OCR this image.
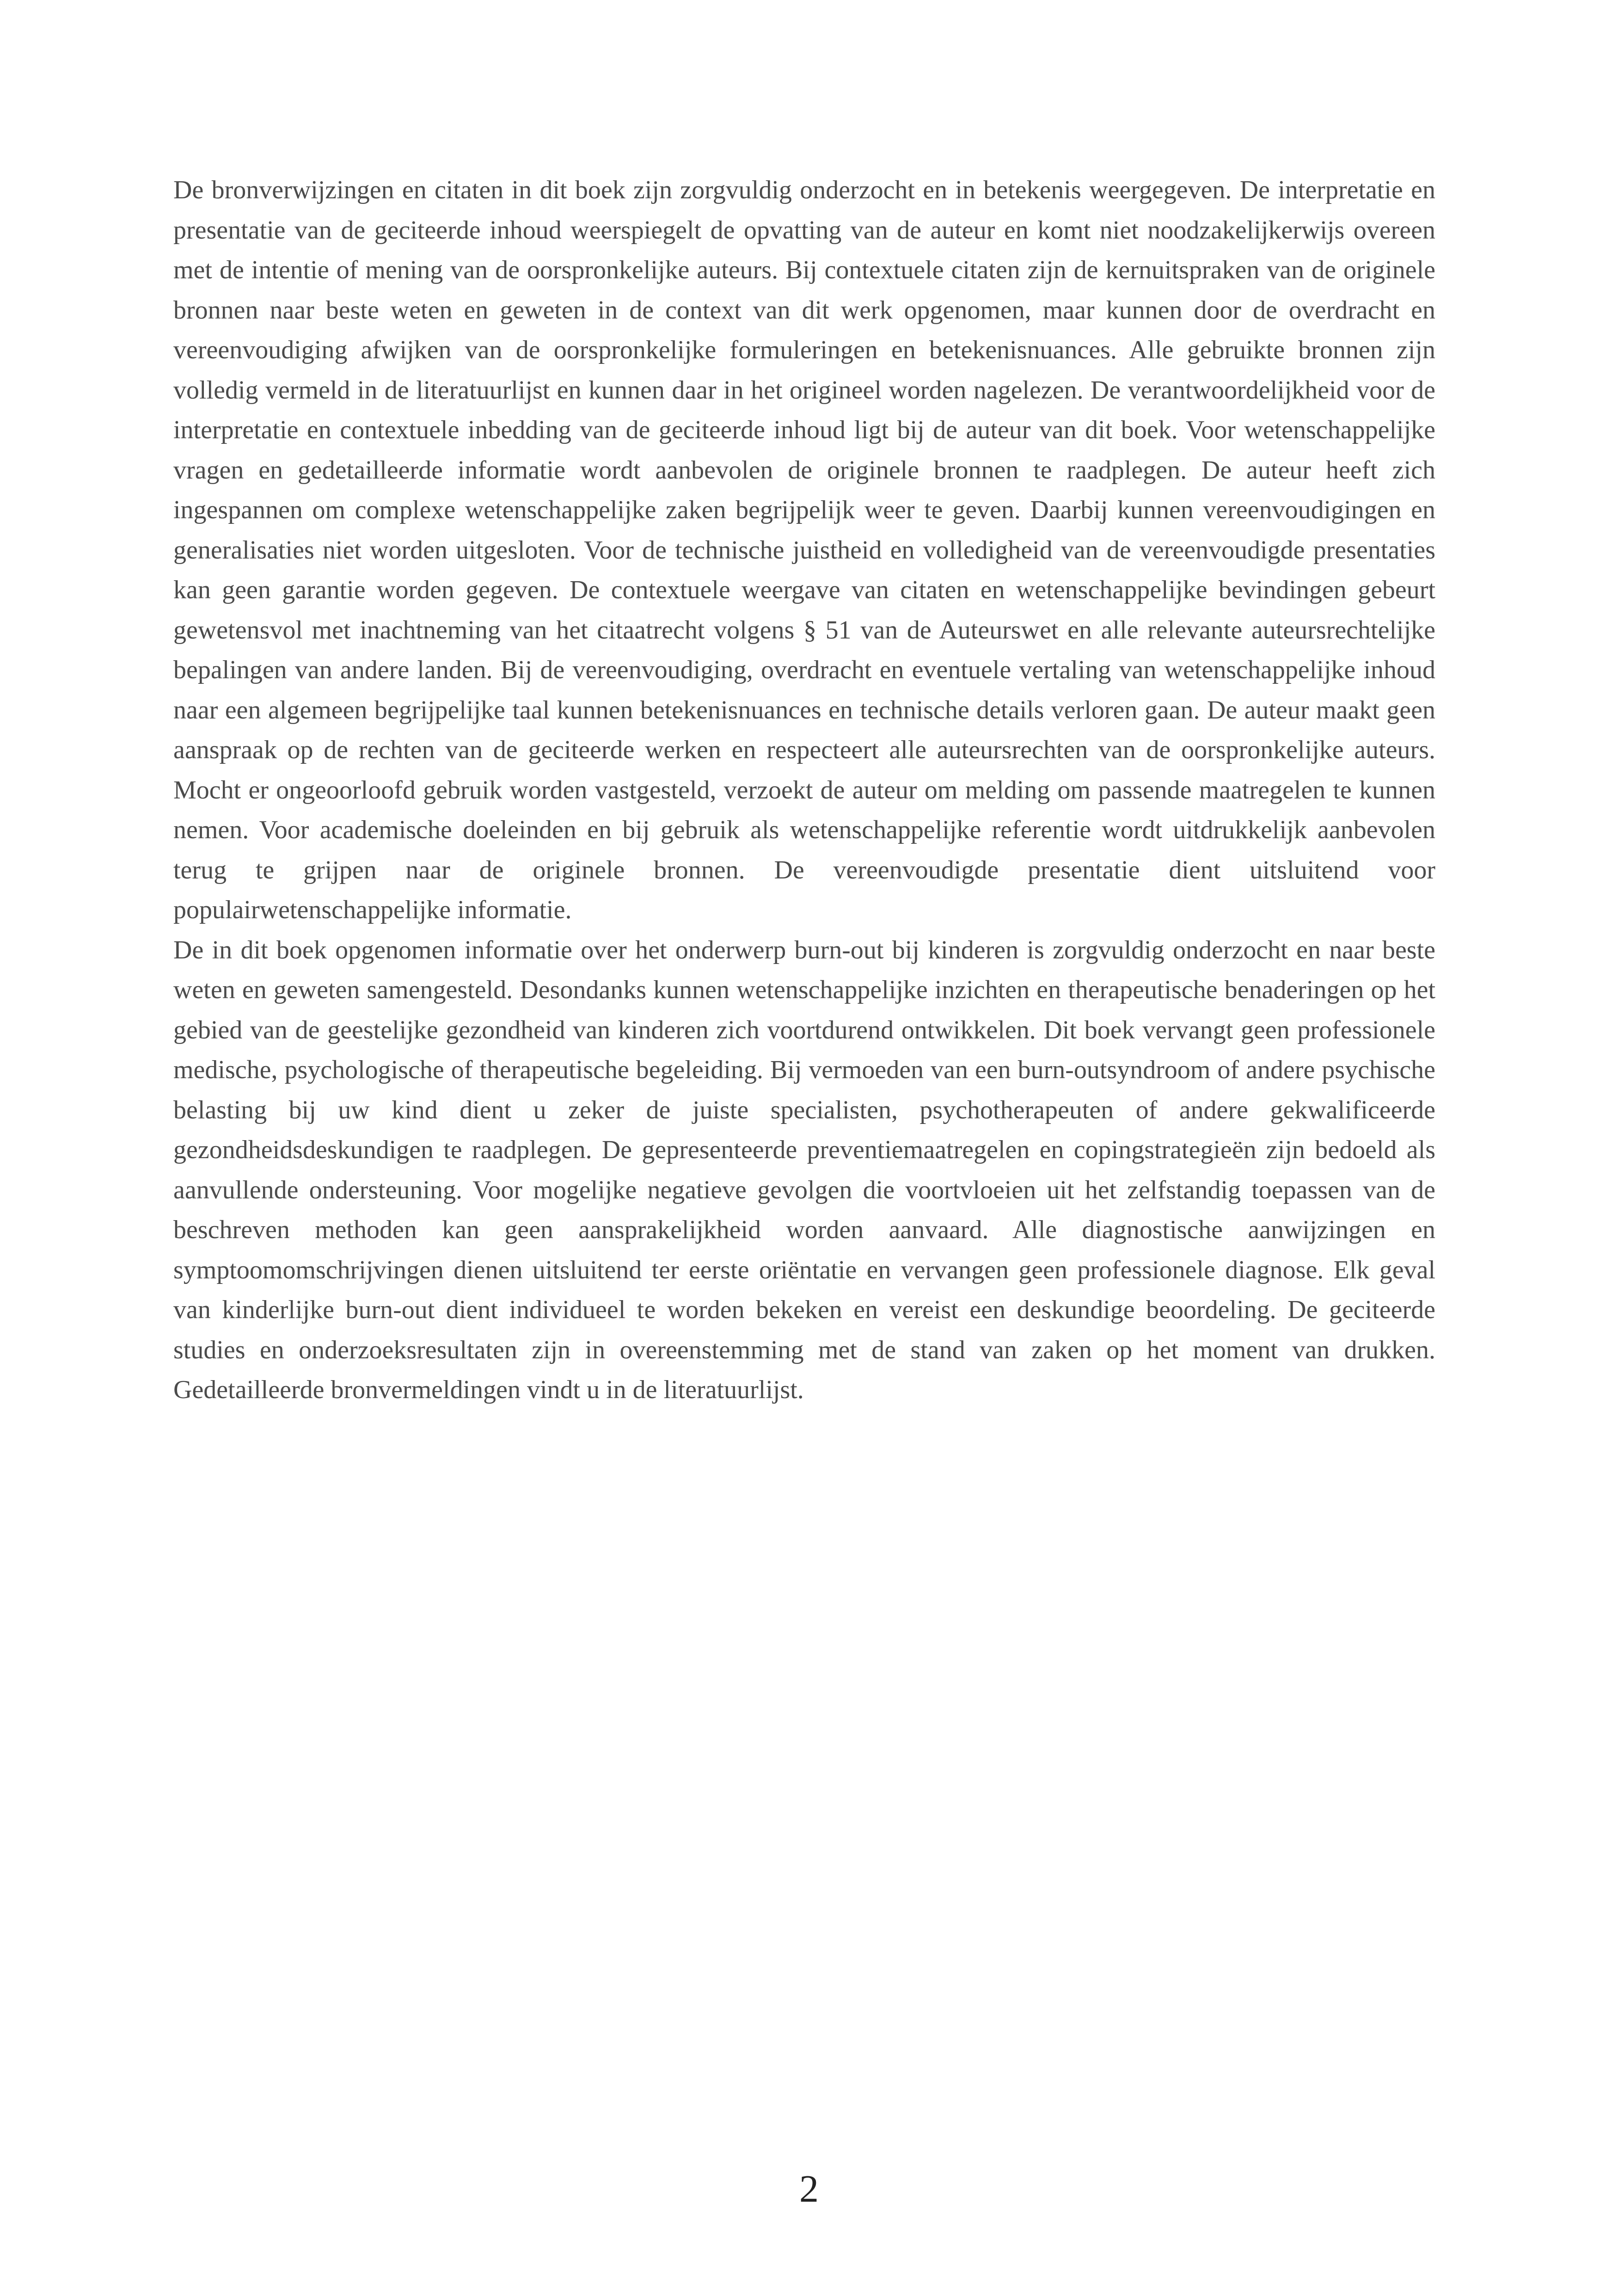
De bronverwijzingen en citaten in dit boek zijn zorgvuldig onderzocht en in betekenis weergegeven. De interpretatie en presentatie van de geciteerde inhoud weerspiegelt de opvatting van de auteur en komt niet noodzakelijkerwijs overeen met de intentie of mening van de oorspronkelijke auteurs. Bij contextuele citaten zijn de kernuitspraken van de originele bronnen naar beste weten en geweten in de context van dit werk opgenomen, maar kunnen door de overdracht en vereenvoudiging afwijken van de oorspronkelijke formuleringen en betekenisnuances. Alle gebruikte bronnen zijn volledig vermeld in de literatuurlijst en kunnen daar in het origineel worden nagelezen. De verantwoordelijkheid voor de interpretatie en contextuele inbedding van de geciteerde inhoud ligt bij de auteur van dit boek. Voor wetenschappelijke vragen en gedetailleerde informatie wordt aanbevolen de originele bronnen te raadplegen. De auteur heeft zich ingespannen om complexe wetenschappelijke zaken begrijpelijk weer te geven. Daarbij kunnen vereenvoudigingen en generalisaties niet worden uitgesloten. Voor de technische juistheid en volledigheid van de vereenvoudigde presentaties kan geen garantie worden gegeven. De contextuele weergave van citaten en wetenschappelijke bevindingen gebeurt gewetensvol met inachtneming van het citaatrecht volgens § 51 van de Auteurswet en alle relevante auteursrechtelijke bepalingen van andere landen. Bij de vereenvoudiging, overdracht en eventuele vertaling van wetenschappelijke inhoud naar een algemeen begrijpelijke taal kunnen betekenisnuances en technische details verloren gaan. De auteur maakt geen aanspraak op de rechten van de geciteerde werken en respecteert alle auteursrechten van de oorspronkelijke auteurs. Mocht er ongeoorloofd gebruik worden vastgesteld, verzoekt de auteur om melding om passende maatregelen te kunnen nemen. Voor academische doeleinden en bij gebruik als wetenschappelijke referentie wordt uitdrukkelijk aanbevolen terug te grijpen naar de originele bronnen. De vereenvoudigde presentatie dient uitsluitend voor populairwetenschappelijke informatie.

De in dit boek opgenomen informatie over het onderwerp burn-out bij kinderen is zorgvuldig onderzocht en naar beste weten en geweten samengesteld. Desondanks kunnen wetenschappelijke inzichten en therapeutische benaderingen op het gebied van de geestelijke gezondheid van kinderen zich voortdurend ontwikkelen. Dit boek vervangt geen professionele medische, psychologische of therapeutische begeleiding. Bij vermoeden van een burn-outsyndroom of andere psychische belasting bij uw kind dient u zeker de juiste specialisten, psychotherapeuten of andere gekwalificeerde gezondheidsdeskundigen te raadplegen. De gepresenteerde preventiemaatregelen en copingstrategieën zijn bedoeld als aanvullende ondersteuning. Voor mogelijke negatieve gevolgen die voortvloeien uit het zelfstandig toepassen van de beschreven methoden kan geen aansprakelijkheid worden aanvaard. Alle diagnostische aanwijzingen en symptoomomschrijvingen dienen uitsluitend ter eerste oriëntatie en vervangen geen professionele diagnose. Elk geval van kinderlijke burn-out dient individueel te worden bekeken en vereist een deskundige beoordeling. De geciteerde studies en onderzoeksresultaten zijn in overeenstemming met de stand van zaken op het moment van drukken. Gedetailleerde bronvermeldingen vindt u in de literatuurlijst.

2
